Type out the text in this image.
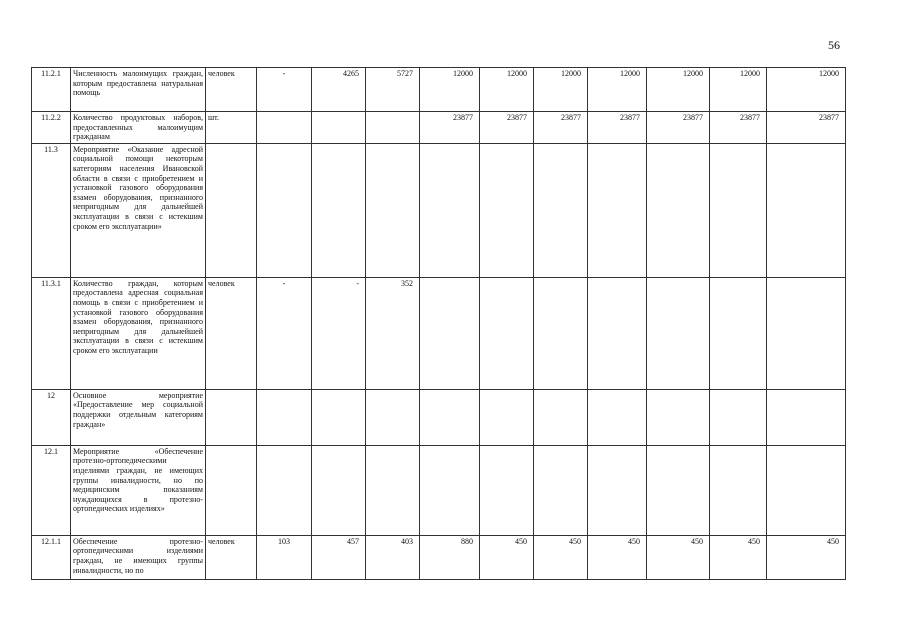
56
11.2.1	Численность малоимущих граждан, которым предоставлена натуральная помощь	человек	-	4265	5727	12000	12000	12000	12000	12000	12000	12000
11.2.2	Количество продуктовых наборов, предоставленных малоимущим гражданам	шт.				23877	23877	23877	23877	23877	23877	23877
11.3	Мероприятие «Оказание адресной социальной помощи некоторым категориям населения Ивановской области в связи с приобретением и установкой газового оборудования взамен оборудования, признанного непригодным для дальнейшей эксплуатации в связи с истекшим сроком его эксплуатации»											
11.3.1	Количество граждан, которым предоставлена адресная социальная помощь в связи с приобретением и установкой газового оборудования взамен оборудования, признанного непригодным для дальнейшей эксплуатации в связи с истекшим сроком его эксплуатации	человек	-	-	352							
12	Основное мероприятие «Предоставление мер социальной поддержки отдельным категориям граждан»											
12.1	Мероприятие «Обеспечение протезно-ортопедическими изделиями граждан, не имеющих группы инвалидности, но по медицинским показаниям нуждающихся в протезно-ортопедических изделиях»											
12.1.1	Обеспечение протезно-ортопедическими изделиями граждан, не имеющих группы инвалидности, но по	человек	103	457	403	880	450	450	450	450	450	450
